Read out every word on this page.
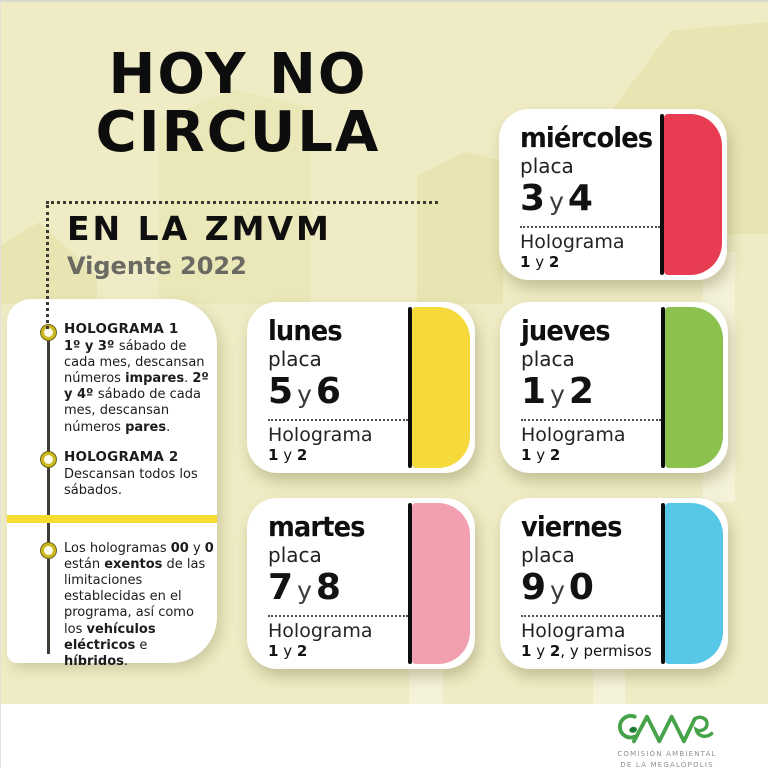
HOY NO
CIRCULA
EN LA ZMVM
Vigente 2022
HOLOGRAMA 1

1º y 3º sábado de cada mes, descansan números impares. 2º y 4º sábado de cada mes, descansan números pares.

HOLOGRAMA 2

Descansan todos los sábados.

Los hologramas 00 y 0 están exentos de las limitaciones establecidas en el programa, así como los vehículos eléctricos e híbridos.

miércoles
placa
3 y 4
Holograma
1 y 2
lunes
placa
5 y 6
Holograma
1 y 2
jueves
placa
1 y 2
Holograma
1 y 2
martes
placa
7 y 8
Holograma
1 y 2
viernes
placa
9 y 0
Holograma
1 y 2, y permisos
COMISIÓN AMBIENTAL
DE LA MEGALÓPOLIS
